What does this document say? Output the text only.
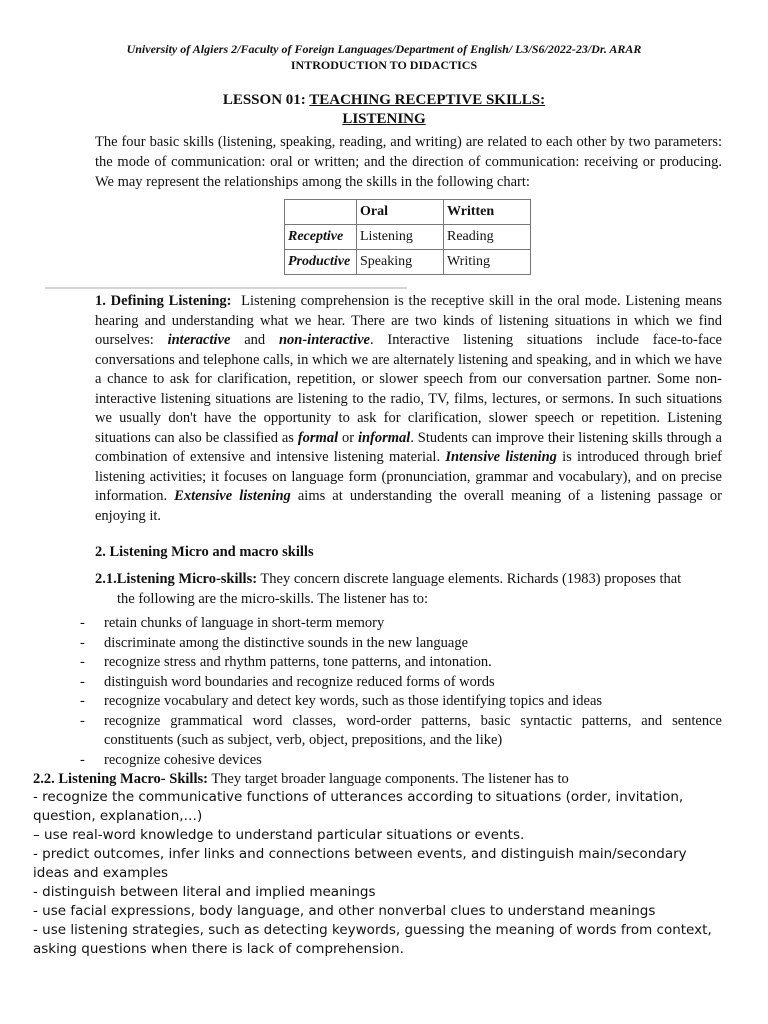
University of Algiers 2/Faculty of Foreign Languages/Department of English/ L3/S6/2022-23/Dr. ARAR
INTRODUCTION TO DIDACTICS
LESSON 01: TEACHING RECEPTIVE SKILLS:
LISTENING
The four basic skills (listening, speaking, reading, and writing) are related to each other by two parameters: the mode of communication: oral or written; and the direction of communication: receiving or producing. We may represent the relationships among the skills in the following chart:
	Oral	Written
Receptive	Listening	Reading
Productive	Speaking	Writing
1. Defining Listening: Listening comprehension is the receptive skill in the oral mode. Listening means hearing and understanding what we hear. There are two kinds of listening situations in which we find ourselves: interactive and non-interactive. Interactive listening situations include face-to-face conversations and telephone calls, in which we are alternately listening and speaking, and in which we have a chance to ask for clarification, repetition, or slower speech from our conversation partner. Some non-interactive listening situations are listening to the radio, TV, films, lectures, or sermons. In such situations we usually don't have the opportunity to ask for clarification, slower speech or repetition. Listening situations can also be classified as formal or informal. Students can improve their listening skills through a combination of extensive and intensive listening material. Intensive listening is introduced through brief listening activities; it focuses on language form (pronunciation, grammar and vocabulary), and on precise information. Extensive listening aims at understanding the overall meaning of a listening passage or enjoying it.
2. Listening Micro and macro skills
2.1.Listening Micro-skills: They concern discrete language elements. Richards (1983) proposes that
the following are the micro-skills. The listener has to:
- retain chunks of language in short-term memory
- discriminate among the distinctive sounds in the new language
- recognize stress and rhythm patterns, tone patterns, and intonation.
- distinguish word boundaries and recognize reduced forms of words
- recognize vocabulary and detect key words, such as those identifying topics and ideas
- recognize grammatical word classes, word-order patterns, basic syntactic patterns, and sentence constituents (such as subject, verb, object, prepositions, and the like)
- recognize cohesive devices
2.2. Listening Macro- Skills: They target broader language components. The listener has to
- recognize the communicative functions of utterances according to situations (order, invitation, question, explanation,…)
– use real-word knowledge to understand particular situations or events.
- predict outcomes, infer links and connections between events, and distinguish main/secondary ideas and examples
- distinguish between literal and implied meanings
- use facial expressions, body language, and other nonverbal clues to understand meanings
- use listening strategies, such as detecting keywords, guessing the meaning of words from context, asking questions when there is lack of comprehension.
